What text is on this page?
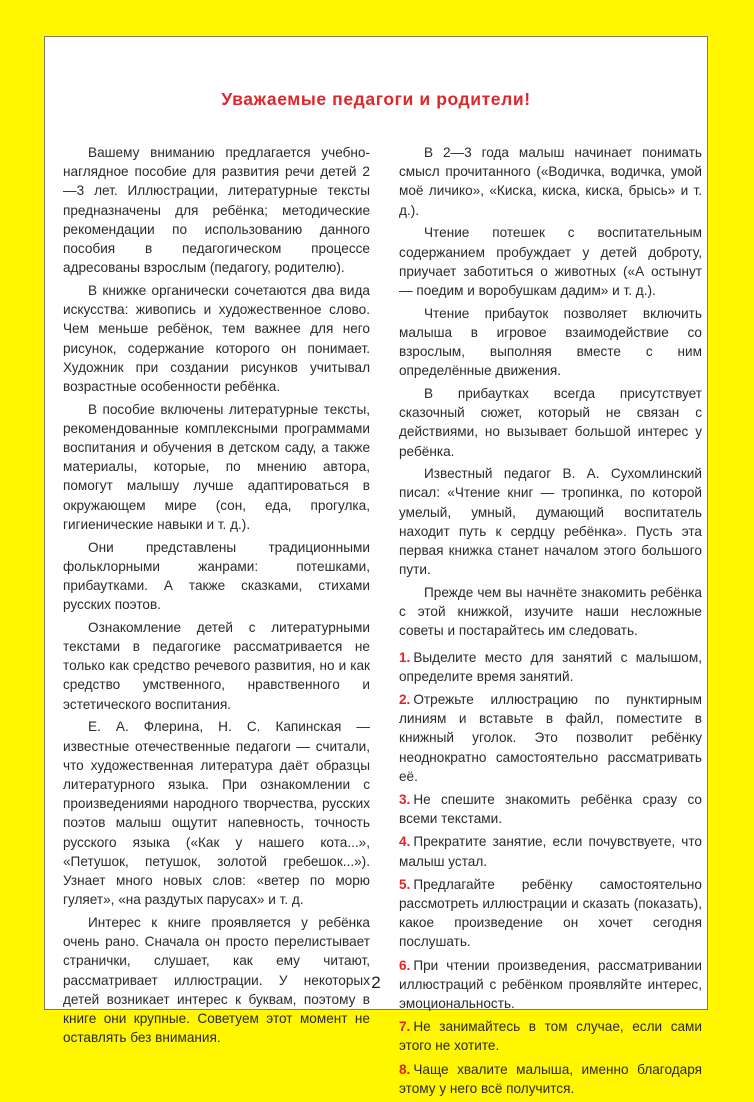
Уважаемые педагоги и родители!

Вашему вниманию предлагается учебно-наглядное пособие для развития речи детей 2—3 лет. Иллюстрации, литературные тексты предназначены для ребёнка; методические рекомендации по использованию данного пособия в педагогическом процессе адресованы взрослым (педагогу, родителю).

В книжке органически сочетаются два вида искусства: живопись и художественное слово. Чем меньше ребёнок, тем важнее для него рисунок, содержание которого он понимает. Художник при создании рисунков учитывал возрастные особенности ребёнка.

В пособие включены литературные тексты, рекомендованные комплексными программами воспитания и обучения в детском саду, а также материалы, которые, по мнению автора, помогут малышу лучше адаптироваться в окружающем мире (сон, еда, прогулка, гигиенические навыки и т. д.).

Они представлены традиционными фольклорными жанрами: потешками, прибаутками. А также сказками, стихами русских поэтов.

Ознакомление детей с литературными текстами в педагогике рассматривается не только как средство речевого развития, но и как средство умственного, нравственного и эстетического воспитания.

Е. А. Флерина, Н. С. Капинская — известные отечественные педагоги — считали, что художественная литература даёт образцы литературного языка. При ознакомлении с произведениями народного творчества, русских поэтов малыш ощутит напевность, точность русского языка («Как у нашего кота...», «Петушок, петушок, золотой гребешок...»). Узнает много новых слов: «ветер по морю гуляет», «на раздутых парусах» и т. д.

Интерес к книге проявляется у ребёнка очень рано. Сначала он просто перелистывает странички, слушает, как ему читают, рассматривает иллюстрации. У некоторых детей возникает интерес к буквам, поэтому в книге они крупные. Советуем этот момент не оставлять без внимания.

В 2—3 года малыш начинает понимать смысл прочитанного («Водичка, водичка, умой моё личико», «Киска, киска, киска, брысь» и т. д.).

Чтение потешек с воспитательным содержанием пробуждает у детей доброту, приучает заботиться о животных («А остынут — поедим и воробушкам дадим» и т. д.).

Чтение прибауток позволяет включить малыша в игровое взаимодействие со взрослым, выполняя вместе с ним определённые движения.

В прибаутках всегда присутствует сказочный сюжет, который не связан с действиями, но вызывает большой интерес у ребёнка.

Известный педагог В. А. Сухомлинский писал: «Чтение книг — тропинка, по которой умелый, умный, думающий воспитатель находит путь к сердцу ребёнка». Пусть эта первая книжка станет началом этого большого пути.

Прежде чем вы начнёте знакомить ребёнка с этой книжкой, изучите наши несложные советы и постарайтесь им следовать.

1. Выделите место для занятий с малышом, определите время занятий.

2. Отрежьте иллюстрацию по пунктирным линиям и вставьте в файл, поместите в книжный уголок. Это позволит ребёнку неоднократно самостоятельно рассматривать её.

3. Не спешите знакомить ребёнка сразу со всеми текстами.

4. Прекратите занятие, если почувствуете, что малыш устал.

5. Предлагайте ребёнку самостоятельно рассмотреть иллюстрации и сказать (показать), какое произведение он хочет сегодня послушать.

6. При чтении произведения, рассматривании иллюстраций с ребёнком проявляйте интерес, эмоциональность.

7. Не занимайтесь в том случае, если сами этого не хотите.

8. Чаще хвалите малыша, именно благодаря этому у него всё получится.

2
